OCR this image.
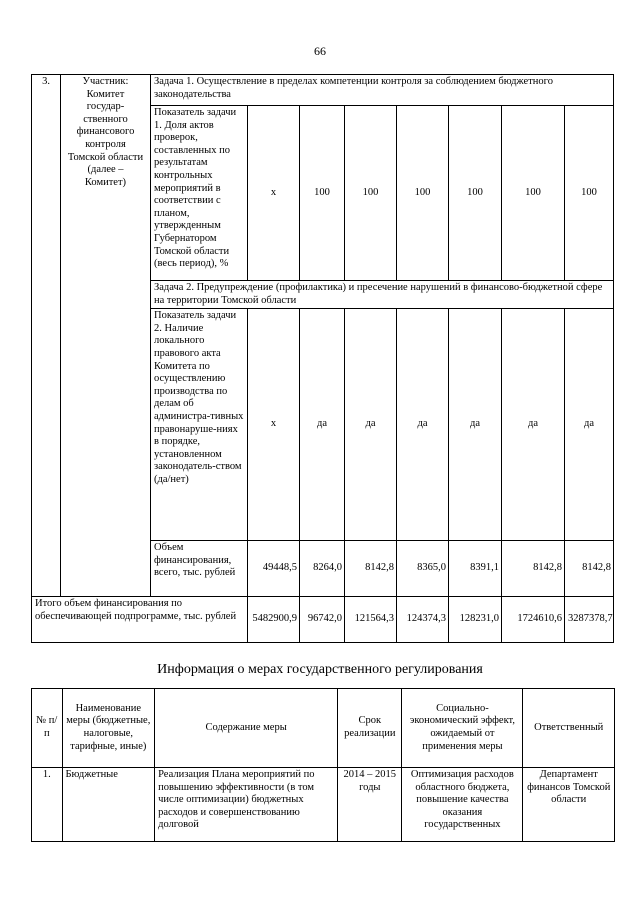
66
3.	Участник: Комитет государ-ственного финансового контроля Томской области (далее – Комитет)	Задача 1. Осуществление в пределах компетенции контроля за соблюдением бюджетного законодательства							
		Показатель задачи 1. Доля актов проверок, составленных по результатам контрольных мероприятий в соответствии с планом, утвержденным Губернатором Томской области (весь период), %	х	100	100	100	100	100	100
		Задача 2. Предупреждение (профилактика) и пресечение нарушений в финансово-бюджетной сфере на территории Томской области							
		Показатель задачи 2. Наличие локального правового акта Комитета по осуществлению производства по делам об администра-тивных правонаруше-ниях в порядке, установленном законодатель-ством (да/нет)	х	да	да	да	да	да	да
		Объем финансирования, всего, тыс. рублей	49448,5	8264,0	8142,8	8365,0	8391,1	8142,8	8142,8
Итого объем финансирования по обеспечивающей подпрограмме, тыс. рублей			5482900,9	96742,0	121564,3	124374,3	128231,0	1724610,6	3287378,7
Информация о мерах государственного регулирования
№ п/п	Наименование меры (бюджетные, налоговые, тарифные, иные)	Содержание меры	Срок реализации	Социально-экономический эффект, ожидаемый от применения меры	Ответственный
1.	Бюджетные	Реализация Плана мероприятий по повышению эффективности (в том числе оптимизации) бюджетных расходов и совершенствованию долговой	2014 – 2015 годы	Оптимизация расходов областного бюджета, повышение качества оказания государственных	Департамент финансов Томской области
